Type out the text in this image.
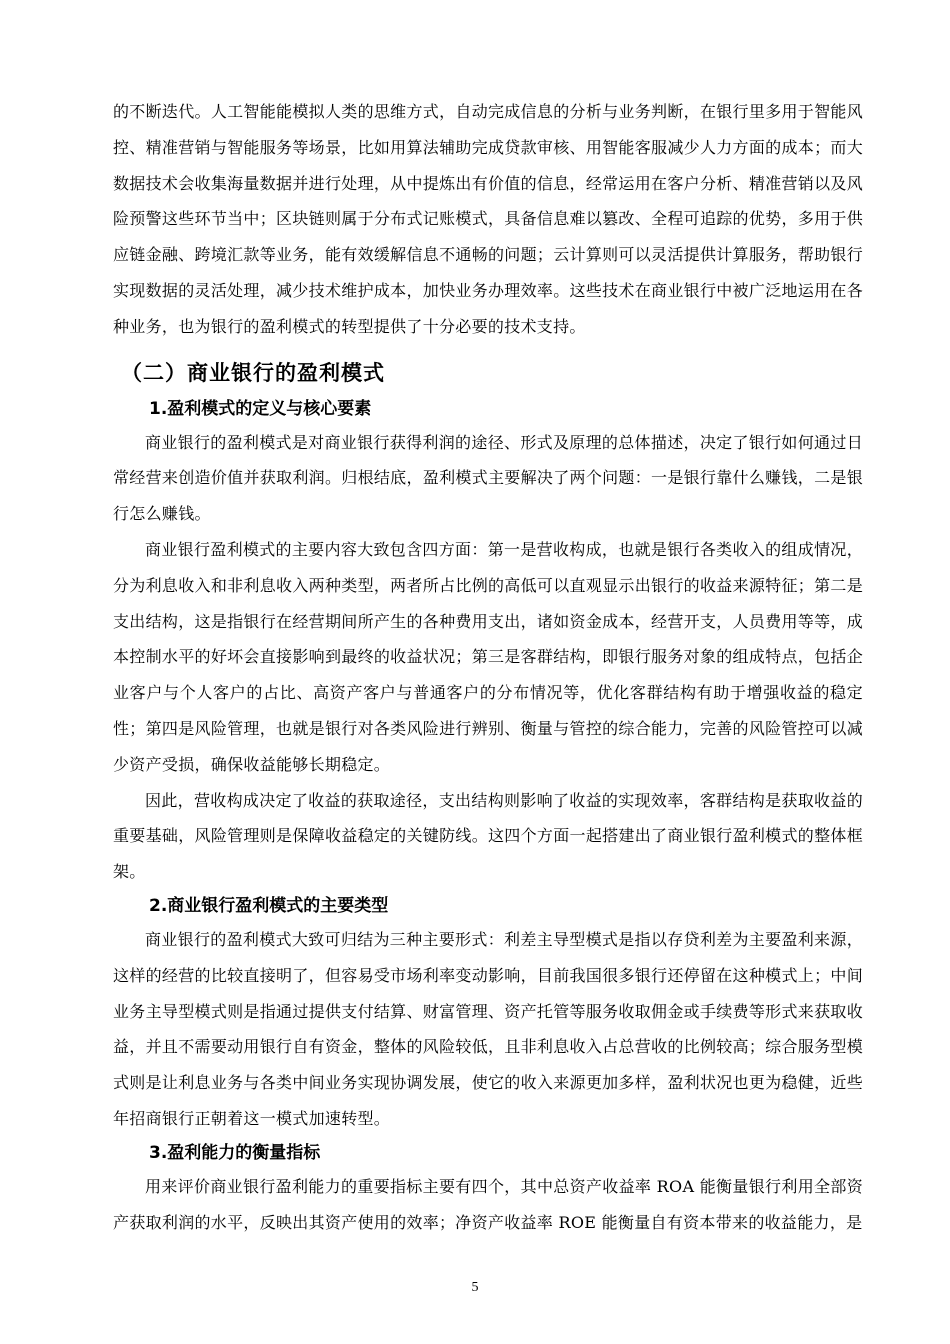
的不断迭代。人工智能能模拟人类的思维方式，自动完成信息的分析与业务判断，在银行里多用于智能风控、精准营销与智能服务等场景，比如用算法辅助完成贷款审核、用智能客服减少人力方面的成本；而大数据技术会收集海量数据并进行处理，从中提炼出有价值的信息，经常运用在客户分析、精准营销以及风险预警这些环节当中；区块链则属于分布式记账模式，具备信息难以篡改、全程可追踪的优势，多用于供应链金融、跨境汇款等业务，能有效缓解信息不通畅的问题；云计算则可以灵活提供计算服务，帮助银行实现数据的灵活处理，减少技术维护成本，加快业务办理效率。这些技术在商业银行中被广泛地运用在各种业务，也为银行的盈利模式的转型提供了十分必要的技术支持。

（二）商业银行的盈利模式
1.盈利模式的定义与核心要素

商业银行的盈利模式是对商业银行获得利润的途径、形式及原理的总体描述，决定了银行如何通过日常经营来创造价值并获取利润。归根结底，盈利模式主要解决了两个问题：一是银行靠什么赚钱，二是银行怎么赚钱。

商业银行盈利模式的主要内容大致包含四方面：第一是营收构成，也就是银行各类收入的组成情况，分为利息收入和非利息收入两种类型，两者所占比例的高低可以直观显示出银行的收益来源特征；第二是支出结构，这是指银行在经营期间所产生的各种费用支出，诸如资金成本，经营开支，人员费用等等，成本控制水平的好坏会直接影响到最终的收益状况；第三是客群结构，即银行服务对象的组成特点，包括企业客户与个人客户的占比、高资产客户与普通客户的分布情况等，优化客群结构有助于增强收益的稳定性；第四是风险管理，也就是银行对各类风险进行辨别、衡量与管控的综合能力，完善的风险管控可以减少资产受损，确保收益能够长期稳定。

因此，营收构成决定了收益的获取途径，支出结构则影响了收益的实现效率，客群结构是获取收益的重要基础，风险管理则是保障收益稳定的关键防线。这四个方面一起搭建出了商业银行盈利模式的整体框架。

2.商业银行盈利模式的主要类型

商业银行的盈利模式大致可归结为三种主要形式：利差主导型模式是指以存贷利差为主要盈利来源，这样的经营的比较直接明了，但容易受市场利率变动影响，目前我国很多银行还停留在这种模式上；中间业务主导型模式则是指通过提供支付结算、财富管理、资产托管等服务收取佣金或手续费等形式来获取收益，并且不需要动用银行自有资金，整体的风险较低，且非利息收入占总营收的比例较高；综合服务型模式则是让利息业务与各类中间业务实现协调发展，使它的收入来源更加多样，盈利状况也更为稳健，近些年招商银行正朝着这一模式加速转型。

3.盈利能力的衡量指标

用来评价商业银行盈利能力的重要指标主要有四个，其中总资产收益率 ROA 能衡量银行利用全部资产获取利润的水平，反映出其资产使用的效率；净资产收益率 ROE 能衡量自有资本带来的收益能力，是

5
